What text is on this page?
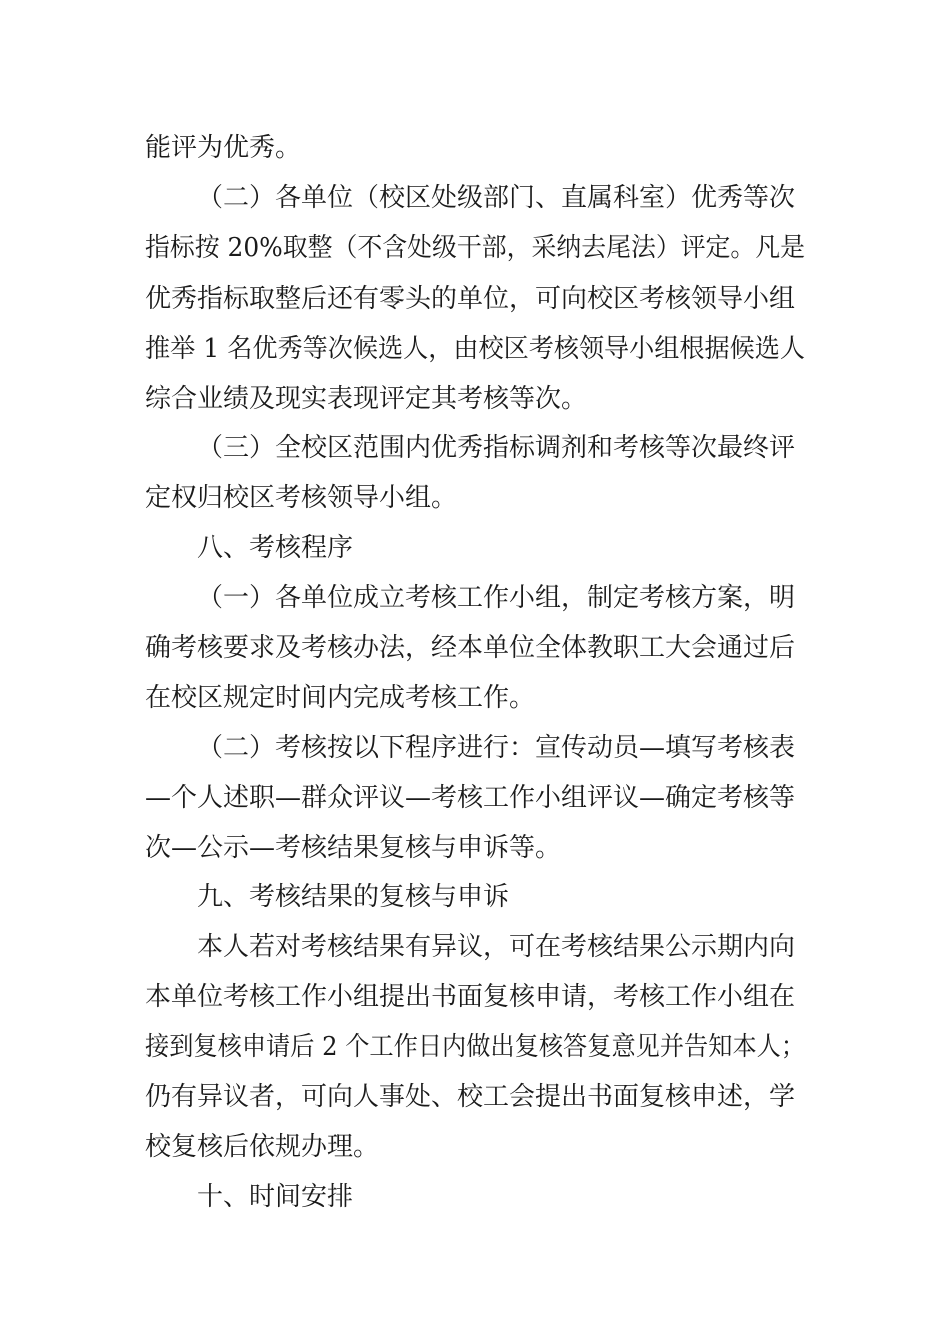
能评为优秀。

（二）各单位（校区处级部门、直属科室）优秀等次

指标按 20%取整（不含处级干部，采纳去尾法）评定。凡是

优秀指标取整后还有零头的单位，可向校区考核领导小组

推举 1 名优秀等次候选人，由校区考核领导小组根据候选人

综合业绩及现实表现评定其考核等次。

（三）全校区范围内优秀指标调剂和考核等次最终评

定权归校区考核领导小组。

八、考核程序

（一）各单位成立考核工作小组，制定考核方案，明

确考核要求及考核办法，经本单位全体教职工大会通过后

在校区规定时间内完成考核工作。

（二）考核按以下程序进行：宣传动员—填写考核表

—个人述职—群众评议—考核工作小组评议—确定考核等

次—公示—考核结果复核与申诉等。

九、考核结果的复核与申诉

本人若对考核结果有异议，可在考核结果公示期内向

本单位考核工作小组提出书面复核申请，考核工作小组在

接到复核申请后 2 个工作日内做出复核答复意见并告知本人；

仍有异议者，可向人事处、校工会提出书面复核申述，学

校复核后依规办理。

十、时间安排
